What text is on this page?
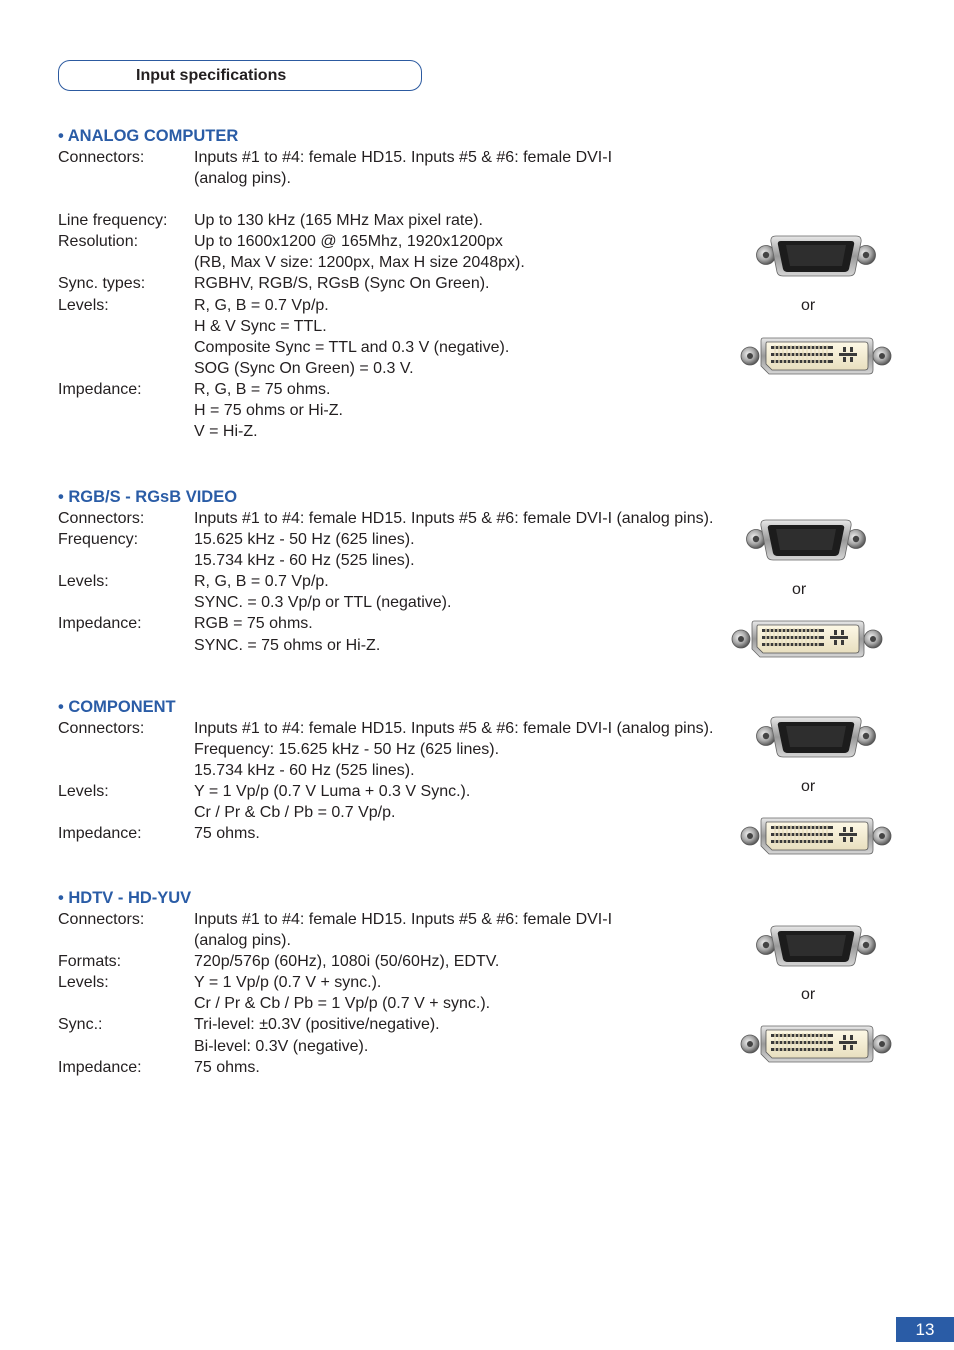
Input specifications
• ANALOG COMPUTER
Connectors:	Inputs #1 to #4: female HD15. Inputs #5 & #6: female DVI-I
(analog pins).
Line frequency: Up to 130 kHz (165 MHz Max pixel rate).
Resolution:	Up to 1600x1200 @ 165Mhz, 1920x1200px
(RB, Max V size: 1200px, Max H size 2048px).
Sync. types:	RGBHV, RGB/S, RGsB (Sync On Green).
Levels:	R, G, B = 0.7 Vp/p.
H & V Sync = TTL.
Composite Sync = TTL and 0.3 V (negative).
SOG (Sync On Green) = 0.3 V.
Impedance:	R, G, B = 75 ohms.
H = 75 ohms or Hi-Z.
V = Hi-Z.
• RGB/S - RGsB VIDEO
Connectors:	Inputs #1 to #4: female HD15. Inputs #5 & #6: female DVI-I (analog pins).
Frequency:	15.625 kHz - 50 Hz (625 lines).
15.734 kHz - 60 Hz (525 lines).
Levels:	R, G, B = 0.7 Vp/p.
SYNC. = 0.3 Vp/p or TTL (negative).
Impedance:	RGB = 75 ohms.
SYNC. = 75 ohms or Hi-Z.
• COMPONENT
Connectors:	Inputs #1 to #4: female HD15. Inputs #5 & #6: female DVI-I (analog pins).
Frequency: 15.625 kHz - 50 Hz (625 lines).
15.734 kHz - 60 Hz (525 lines).
Levels:	Y = 1 Vp/p (0.7 V Luma + 0.3 V Sync.).
Cr / Pr & Cb / Pb = 0.7 Vp/p.
Impedance:	75 ohms.
• HDTV - HD-YUV
Connectors:	Inputs #1 to #4: female HD15. Inputs #5 & #6: female DVI-I
(analog pins).
Formats:	720p/576p (60Hz), 1080i (50/60Hz), EDTV.
Levels:	Y = 1 Vp/p (0.7 V + sync.).
Cr / Pr & Cb / Pb = 1 Vp/p (0.7 V + sync.).
Sync.:	Tri-level: ±0.3V (positive/negative).
Bi-level: 0.3V (negative).
Impedance:	75 ohms.
or
or
or
or
13
